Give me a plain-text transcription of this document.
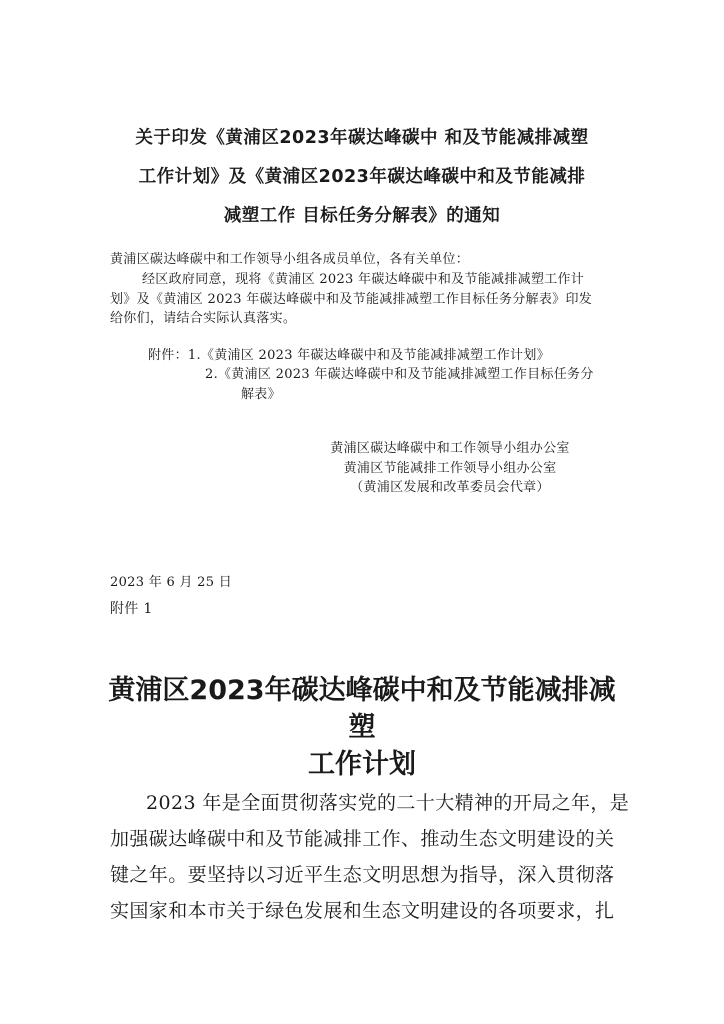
关于印发《黄浦区2023年碳达峰碳中 和及节能减排减塑
工作计划》及《黄浦区2023年碳达峰碳中和及节能减排
减塑工作 目标任务分解表》的通知
黄浦区碳达峰碳中和工作领导小组各成员单位，各有关单位：
经区政府同意，现将《黄浦区 2023 年碳达峰碳中和及节能减排减塑工作计
划》及《黄浦区 2023 年碳达峰碳中和及节能减排减塑工作目标任务分解表》印发
给你们，请结合实际认真落实。
附件：1.《黄浦区 2023 年碳达峰碳中和及节能减排减塑工作计划》
2.《黄浦区 2023 年碳达峰碳中和及节能减排减塑工作目标任务分
解表》
黄浦区碳达峰碳中和工作领导小组办公室
黄浦区节能减排工作领导小组办公室
（黄浦区发展和改革委员会代章）
2023 年 6 月 25 日
附件 1
黄浦区2023年碳达峰碳中和及节能减排减
塑
工作计划
2023 年是全面贯彻落实党的二十大精神的开局之年，是
加强碳达峰碳中和及节能减排工作、推动生态文明建设的关
键之年。要坚持以习近平生态文明思想为指导，深入贯彻落
实国家和本市关于绿色发展和生态文明建设的各项要求，扎
